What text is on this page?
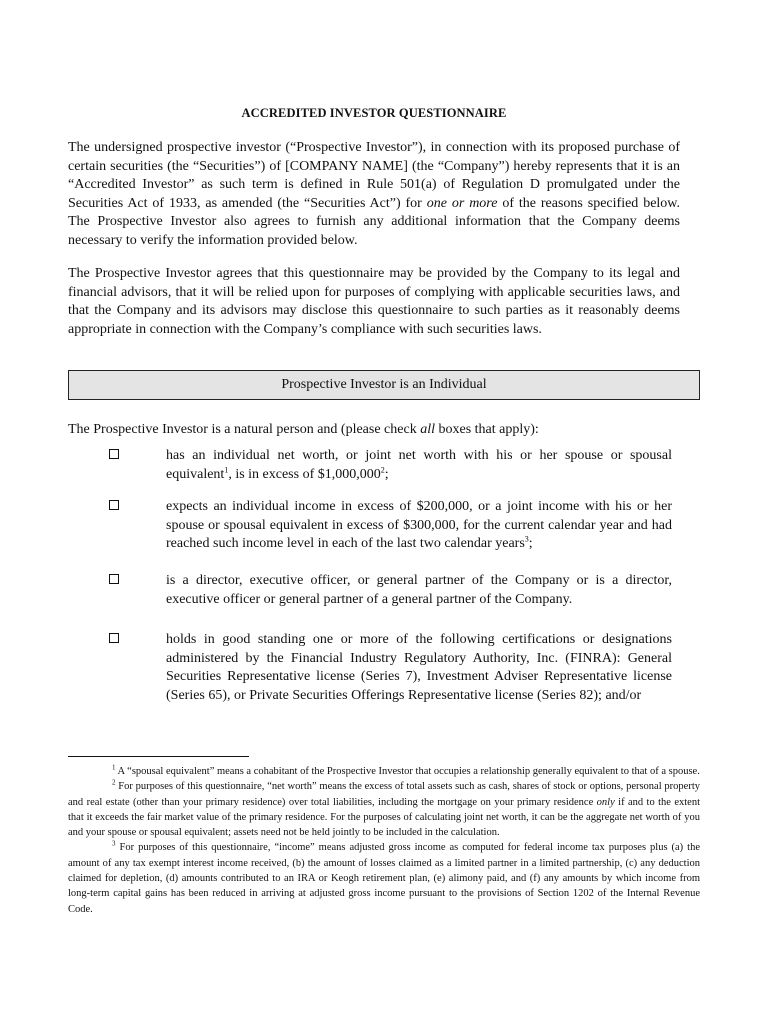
ACCREDITED INVESTOR QUESTIONNAIRE
The undersigned prospective investor (“Prospective Investor”), in connection with its proposed purchase of certain securities (the “Securities”) of [COMPANY NAME] (the “Company”) hereby represents that it is an “Accredited Investor” as such term is defined in Rule 501(a) of Regulation D promulgated under the Securities Act of 1933, as amended (the “Securities Act”) for one or more of the reasons specified below. The Prospective Investor also agrees to furnish any additional information that the Company deems necessary to verify the information provided below.
The Prospective Investor agrees that this questionnaire may be provided by the Company to its legal and financial advisors, that it will be relied upon for purposes of complying with applicable securities laws, and that the Company and its advisors may disclose this questionnaire to such parties as it reasonably deems appropriate in connection with the Company’s compliance with such securities laws.
Prospective Investor is an Individual
The Prospective Investor is a natural person and (please check all boxes that apply):
has an individual net worth, or joint net worth with his or her spouse or spousal equivalent$^1$, is in excess of $1,000,000$^2$;
expects an individual income in excess of $200,000, or a joint income with his or her spouse or spousal equivalent in excess of $300,000, for the current calendar year and had reached such income level in each of the last two calendar years$^3$;
is a director, executive officer, or general partner of the Company or is a director, executive officer or general partner of a general partner of the Company.
holds in good standing one or more of the following certifications or designations administered by the Financial Industry Regulatory Authority, Inc. (FINRA): General Securities Representative license (Series 7), Investment Adviser Representative license (Series 65), or Private Securities Offerings Representative license (Series 82); and/or

$^1$ A “spousal equivalent” means a cohabitant of the Prospective Investor that occupies a relationship generally equivalent to that of a spouse.

$^2$ For purposes of this questionnaire, “net worth” means the excess of total assets such as cash, shares of stock or options, personal property and real estate (other than your primary residence) over total liabilities, including the mortgage on your primary residence only if and to the extent that it exceeds the fair market value of the primary residence. For the purposes of calculating joint net worth, it can be the aggregate net worth of you and your spouse or spousal equivalent; assets need not be held jointly to be included in the calculation.

$^3$ For purposes of this questionnaire, “income” means adjusted gross income as computed for federal income tax purposes plus (a) the amount of any tax exempt interest income received, (b) the amount of losses claimed as a limited partner in a limited partnership, (c) any deduction claimed for depletion, (d) amounts contributed to an IRA or Keogh retirement plan, (e) alimony paid, and (f) any amounts by which income from long-term capital gains has been reduced in arriving at adjusted gross income pursuant to the provisions of Section 1202 of the Internal Revenue Code.
